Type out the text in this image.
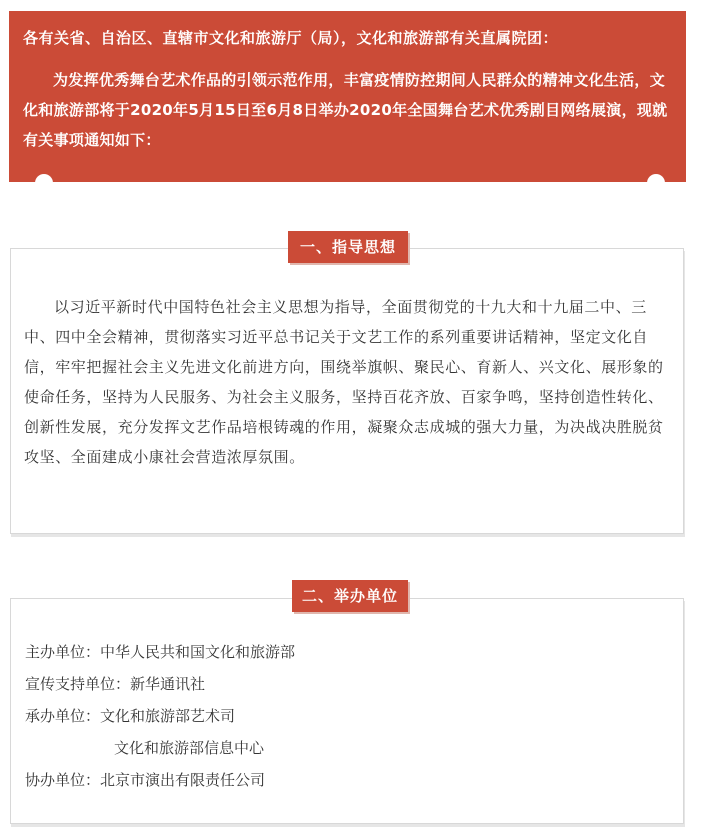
各有关省、自治区、直辖市文化和旅游厅（局），文化和旅游部有关直属院团：

为发挥优秀舞台艺术作品的引领示范作用，丰富疫情防控期间人民群众的精神文化生活，文化和旅游部将于2020年5月15日至6月8日举办2020年全国舞台艺术优秀剧目网络展演，现就有关事项通知如下：

一、指导思想

以习近平新时代中国特色社会主义思想为指导，全面贯彻党的十九大和十九届二中、三中、四中全会精神，贯彻落实习近平总书记关于文艺工作的系列重要讲话精神，坚定文化自信，牢牢把握社会主义先进文化前进方向，围绕举旗帜、聚民心、育新人、兴文化、展形象的使命任务，坚持为人民服务、为社会主义服务，坚持百花齐放、百家争鸣，坚持创造性转化、创新性发展，充分发挥文艺作品培根铸魂的作用，凝聚众志成城的强大力量，为决战决胜脱贫攻坚、全面建成小康社会营造浓厚氛围。

二、举办单位
主办单位：中华人民共和国文化和旅游部
宣传支持单位：新华通讯社
承办单位：文化和旅游部艺术司
文化和旅游部信息中心
协办单位：北京市演出有限责任公司
